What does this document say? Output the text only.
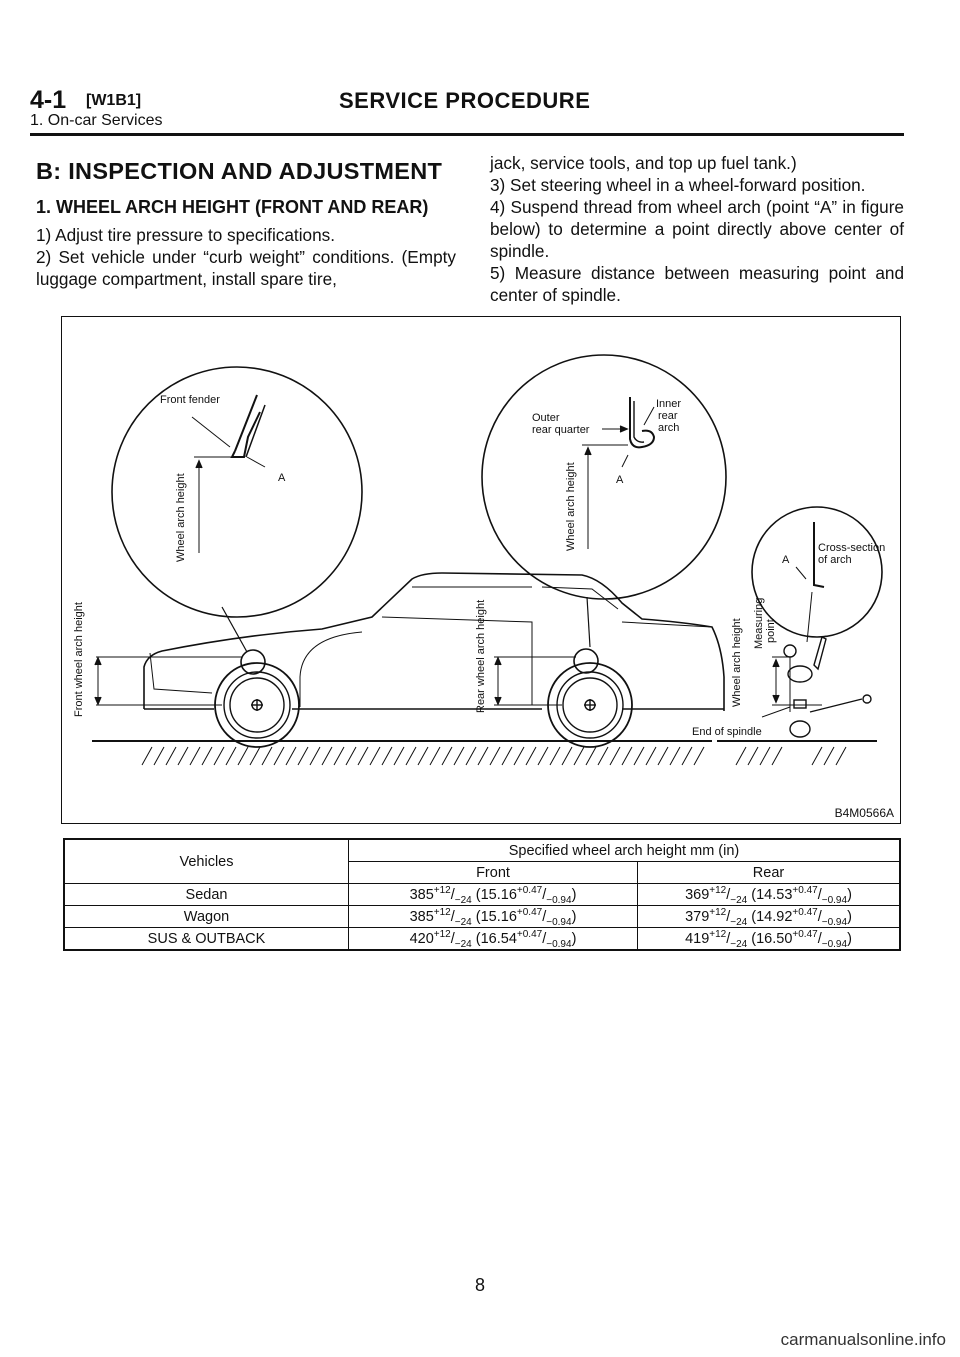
4-1 [W1B1]	SERVICE PROCEDURE
1. On-car Services
B: INSPECTION AND ADJUSTMENT
1. WHEEL ARCH HEIGHT (FRONT AND REAR)

1) Adjust tire pressure to specifications.

2) Set vehicle under “curb weight” conditions. (Empty luggage compartment, install spare tire,

jack, service tools, and top up fuel tank.)

3) Set steering wheel in a wheel-forward position.

4) Suspend thread from wheel arch (point “A” in figure below) to determine a point directly above center of spindle.

5) Measure distance between measuring point and center of spindle.

Front fender
A
Wheel arch height
Outer
rear quarter
Inner
rear
arch
A
Wheel arch height	Cross-section
of arch
A
Measuring point
Wheel arch height
End of spindle
Front wheel arch height	Rear wheel arch height
B4M0566A
Vehicles	Specified wheel arch height mm (in)	
	Front	Rear
Sedan	$385^{+12}/_{-24}$ $(15.16^{+0.47}/_{-0.94})$	$369^{+12}/_{-24}$ $(14.53^{+0.47}/_{-0.94})$
Wagon	$385^{+12}/_{-24}$ $(15.16^{+0.47}/_{-0.94})$	$379^{+12}/_{-24}$ $(14.92^{+0.47}/_{-0.94})$
SUS & OUTBACK	$420^{+12}/_{-24}$ $(16.54^{+0.47}/_{-0.94})$	$419^{+12}/_{-24}$ $(16.50^{+0.47}/_{-0.94})$
8
carmanualsonline.info
